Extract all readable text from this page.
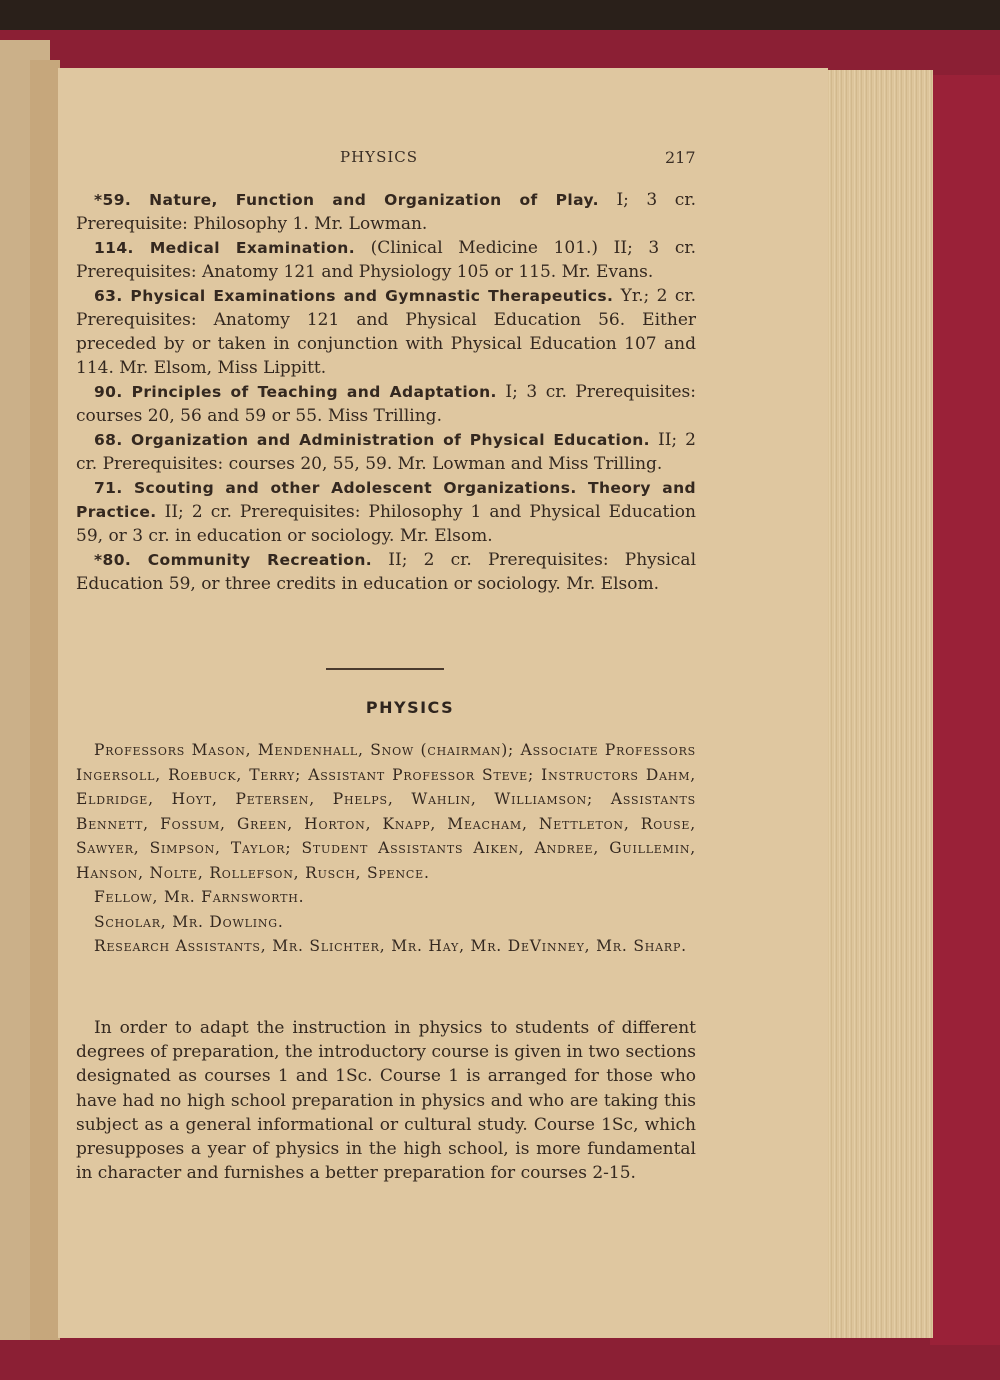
PHYSICS	217

*59. Nature, Function and Organization of Play. I; 3 cr. Prerequisite: Philosophy 1. Mr. Lowman.

114. Medical Examination. (Clinical Medicine 101.) II; 3 cr. Prerequisites: Anatomy 121 and Physiology 105 or 115. Mr. Evans.

63. Physical Examinations and Gymnastic Therapeutics. Yr.; 2 cr. Prerequisites: Anatomy 121 and Physical Education 56. Either preceded by or taken in conjunction with Physical Education 107 and 114. Mr. Elsom, Miss Lippitt.

90. Principles of Teaching and Adaptation. I; 3 cr. Prerequisites: courses 20, 56 and 59 or 55. Miss Trilling.

68. Organization and Administration of Physical Education. II; 2 cr. Prerequisites: courses 20, 55, 59. Mr. Lowman and Miss Trilling.

71. Scouting and other Adolescent Organizations. Theory and Practice. II; 2 cr. Prerequisites: Philosophy 1 and Physical Education 59, or 3 cr. in education or sociology. Mr. Elsom.

*80. Community Recreation. II; 2 cr. Prerequisites: Physical Education 59, or three credits in education or sociology. Mr. Elsom.

PHYSICS

Professors Mason, Mendenhall, Snow (chairman); Associate Professors Ingersoll, Roebuck, Terry; Assistant Professor Steve; Instructors Dahm, Eldridge, Hoyt, Petersen, Phelps, Wahlin, Williamson; Assistants Bennett, Fossum, Green, Horton, Knapp, Meacham, Nettleton, Rouse, Sawyer, Simpson, Taylor; Student Assistants Aiken, Andree, Guillemin, Hanson, Nolte, Rollefson, Rusch, Spence.

Fellow, Mr. Farnsworth.

Scholar, Mr. Dowling.

Research Assistants, Mr. Slichter, Mr. Hay, Mr. DeVinney, Mr. Sharp.

In order to adapt the instruction in physics to students of different degrees of preparation, the introductory course is given in two sections designated as courses 1 and 1Sc. Course 1 is arranged for those who have had no high school preparation in physics and who are taking this subject as a general informational or cultural study. Course 1Sc, which presupposes a year of physics in the high school, is more fundamental in character and furnishes a better preparation for courses 2-15.
